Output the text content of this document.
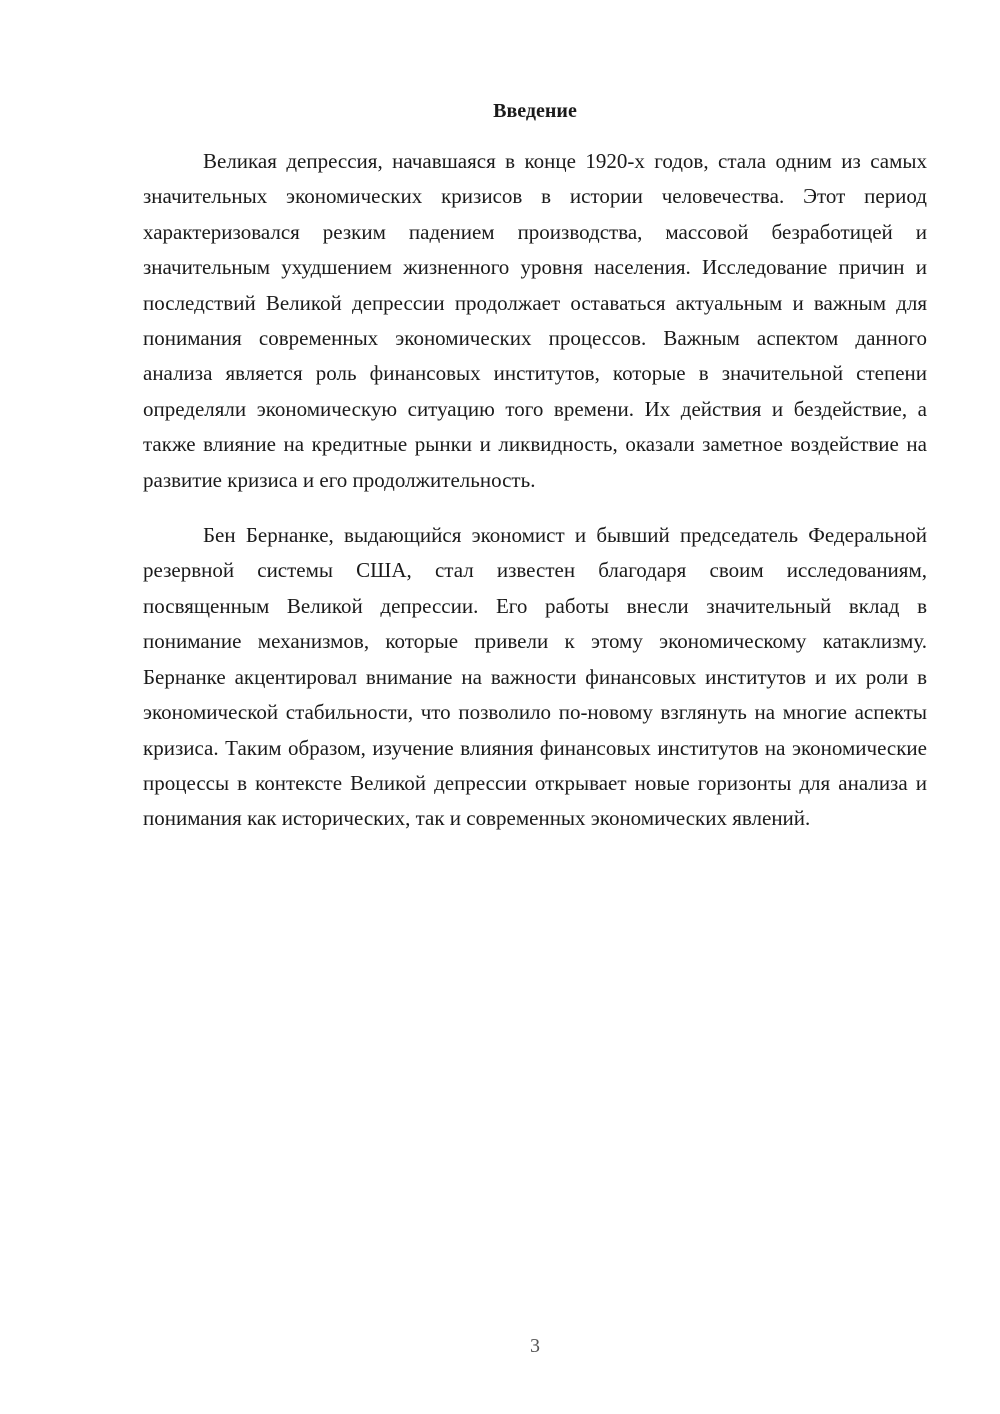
Введение

Великая депрессия, начавшаяся в конце 1920-х годов, стала одним из самых значительных экономических кризисов в истории человечества. Этот период характеризовался резким падением производства, массовой безработицей и значительным ухудшением жизненного уровня населения. Исследование причин и последствий Великой депрессии продолжает оставаться актуальным и важным для понимания современных экономических процессов. Важным аспектом данного анализа является роль финансовых институтов, которые в значительной степени определяли экономическую ситуацию того времени. Их действия и бездействие, а также влияние на кредитные рынки и ликвидность, оказали заметное воздействие на развитие кризиса и его продолжительность.

Бен Бернанке, выдающийся экономист и бывший председатель Федеральной резервной системы США, стал известен благодаря своим исследованиям, посвященным Великой депрессии. Его работы внесли значительный вклад в понимание механизмов, которые привели к этому экономическому катаклизму. Бернанке акцентировал внимание на важности финансовых институтов и их роли в экономической стабильности, что позволило по-новому взглянуть на многие аспекты кризиса. Таким образом, изучение влияния финансовых институтов на экономические процессы в контексте Великой депрессии открывает новые горизонты для анализа и понимания как исторических, так и современных экономических явлений.

3
